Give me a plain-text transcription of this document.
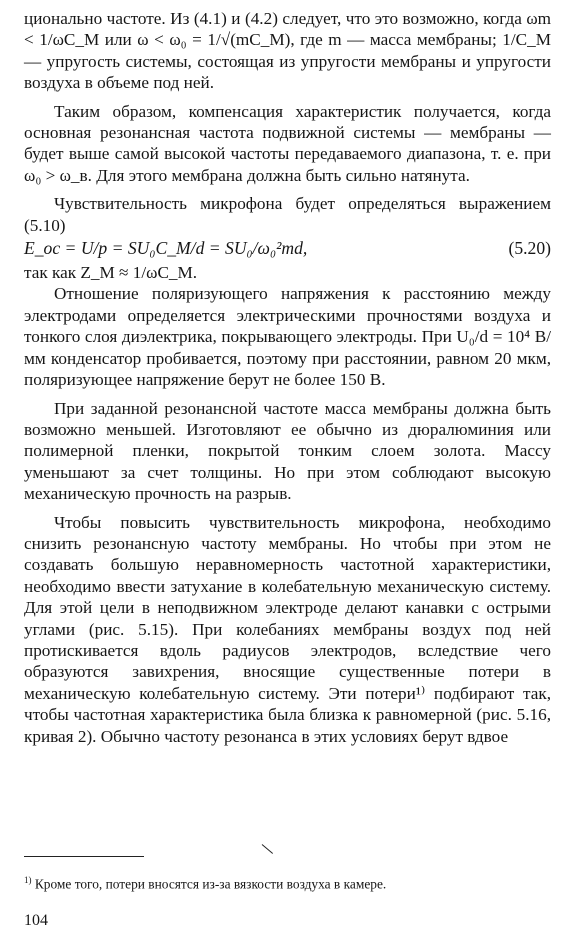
ционально частоте. Из (4.1) и (4.2) следует, что это возможно, когда ωm < 1/ωC_M или ω < ω₀ = 1/√(mC_M), где m — масса мембраны; 1/C_M — упругость системы, состоящая из упругости мембраны и упругости воздуха в объеме под ней.

Таким образом, компенсация характеристик получается, когда основная резонансная частота подвижной системы — мембраны — будет выше самой высокой частоты передаваемого диапазона, т. е. при ω₀ > ω_в. Для этого мембрана должна быть сильно натянута.

Чувствительность микрофона будет определяться выражением (5.10)

E_oc = U/p = SU₀C_M/d = SU₀/ω₀²md,	(5.20)

так как Z_M ≈ 1/ωC_M.

Отношение поляризующего напряжения к расстоянию между электродами определяется электрическими прочностями воздуха и тонкого слоя диэлектрика, покрывающего электроды. При U₀/d = 10⁴ В/мм конденсатор пробивается, поэтому при расстоянии, равном 20 мкм, поляризующее напряжение берут не более 150 В.

При заданной резонансной частоте масса мембраны должна быть возможно меньшей. Изготовляют ее обычно из дюралюминия или полимерной пленки, покрытой тонким слоем золота. Массу уменьшают за счет толщины. Но при этом соблюдают высокую механическую прочность на разрыв.

Чтобы повысить чувствительность микрофона, необходимо снизить резонансную частоту мембраны. Но чтобы при этом не создавать большую неравномерность частотной характеристики, необходимо ввести затухание в колебательную механическую систему. Для этой цели в неподвижном электроде делают канавки с острыми углами (рис. 5.15). При колебаниях мембраны воздух под ней протискивается вдоль радиусов электродов, вследствие чего образуются завихрения, вносящие существенные потери в механическую колебательную систему. Эти потери¹⁾ подбирают так, чтобы частотная характеристика была близка к равномерной (рис. 5.16, кривая 2). Обычно частоту резонанса в этих условиях берут вдвое

$^{1)}$ Кроме того, потери вносятся из-за вязкости воздуха в камере.
104
